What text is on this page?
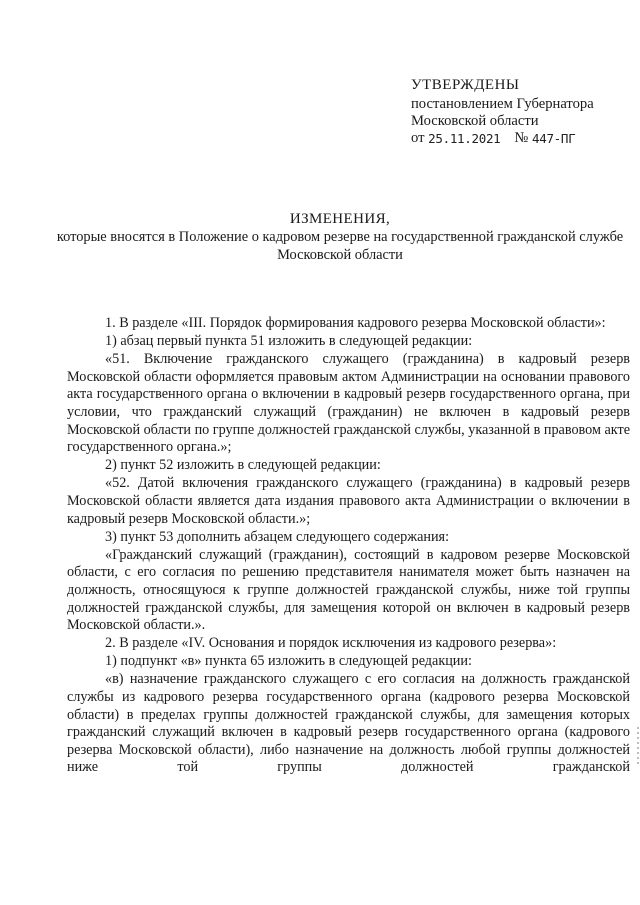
УТВЕРЖДЕНЫ
постановлением Губернатора
Московской области
от
25.11.2021 №
447-ПГ
ИЗМЕНЕНИЯ,
которые вносятся в Положение о кадровом резерве на государственной гражданской службе Московской области

1. В разделе «III. Порядок формирования кадрового резерва Московской области»:

1) абзац первый пункта 51 изложить в следующей редакции:

«51. Включение гражданского служащего (гражданина) в кадровый резерв Московской области оформляется правовым актом Администрации на основании правового акта государственного органа о включении в кадровый резерв государственного органа, при условии, что гражданский служащий (гражданин) не включен в кадровый резерв Московской области по группе должностей гражданской службы, указанной в правовом акте государственного органа.»;

2) пункт 52 изложить в следующей редакции:

«52. Датой включения гражданского служащего (гражданина) в кадровый резерв Московской области является дата издания правового акта Администрации о включении в кадровый резерв Московской области.»;

3) пункт 53 дополнить абзацем следующего содержания:

«Гражданский служащий (гражданин), состоящий в кадровом резерве Московской области, с его согласия по решению представителя нанимателя может быть назначен на должность, относящуюся к группе должностей гражданской службы, ниже той группы должностей гражданской службы, для замещения которой он включен в кадровый резерв Московской области.».

2. В разделе «IV. Основания и порядок исключения из кадрового резерва»:

1) подпункт «в» пункта 65 изложить в следующей редакции:

«в) назначение гражданского служащего с его согласия на должность гражданской службы из кадрового резерва государственного органа (кадрового резерва Московской области) в пределах группы должностей гражданской службы, для замещения которых гражданский служащий включен в кадровый резерв государственного органа (кадрового резерва Московской области), либо назначение на должность любой группы должностей ниже той группы должностей гражданской
